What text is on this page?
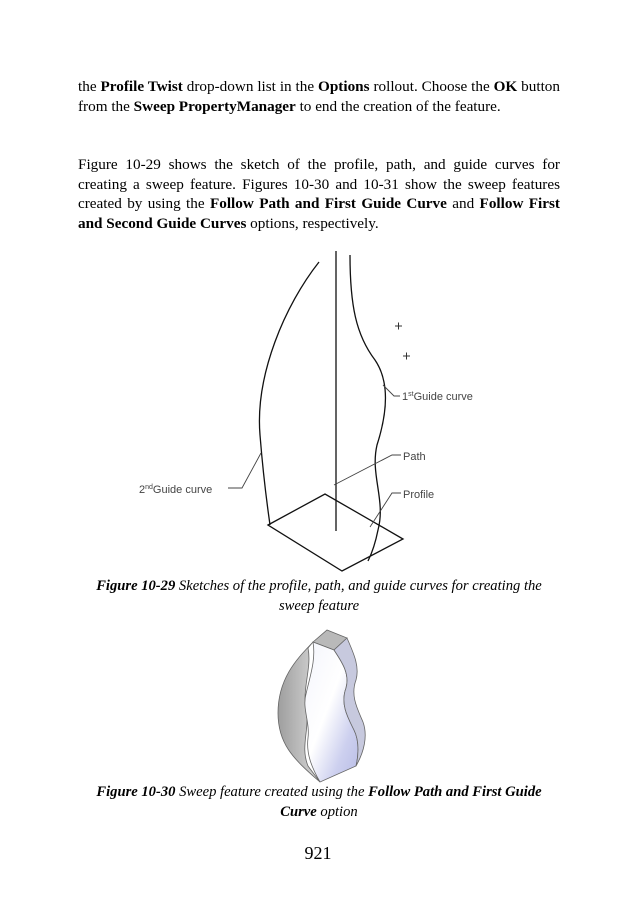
the Profile Twist drop-down list in the Options rollout. Choose the OK button from the Sweep PropertyManager to end the creation of the feature.

Figure 10-29 shows the sketch of the profile, path, and guide curves for creating a sweep feature. Figures 10-30 and 10-31 show the sweep features created by using the Follow Path and First Guide Curve and Follow First and Second Guide Curves options, respectively.

$1st_{Guide curve}$
Path
Profile
$2nd_{Guide curve}$

Figure 10-29 Sketches of the profile, path, and guide curves for creating the sweep feature

Figure 10-30 Sweep feature created using the Follow Path and First Guide Curve option

921
